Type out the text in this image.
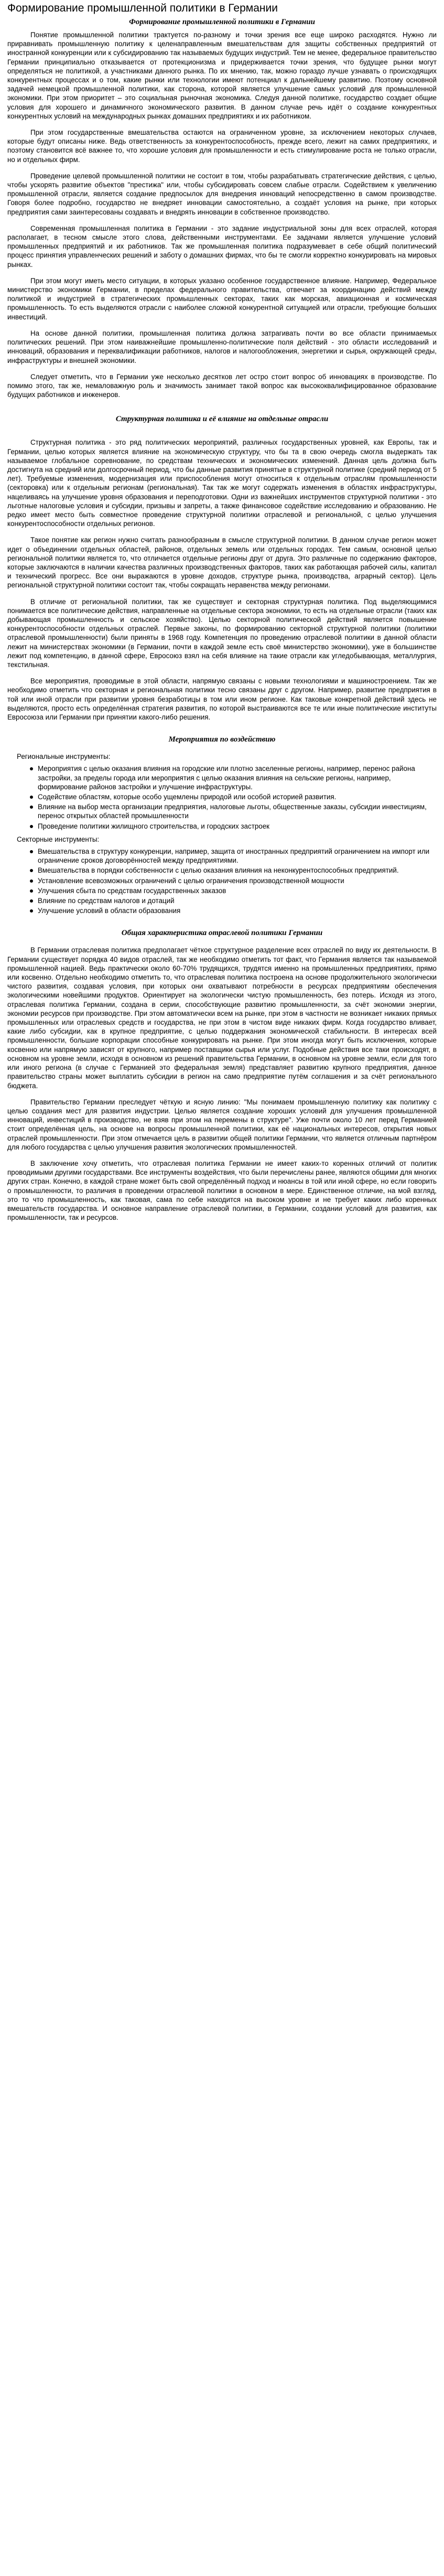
Формирование промышленной политики в Германии
Формирование промышленной политики в Германии

Понятие промышленной политики трактуется по-разному и точки зрения все еще широко расходятся. Нужно ли приравнивать промышленную политику к целенаправленным вмешательствам для защиты собственных предприятий от иностранной конкуренции или к субсидированию так называемых будущих индустрий. Тем не менее, федеральное правительство Германии принципиально отказывается от протекционизма и придерживается точки зрения, что будущее рынки могут определяться не политикой, а участниками данного рынка. По их мнению, так, можно гораздо лучше узнавать о происходящих конкурентных процессах и о том, какие рынки или технологии имеют потенциал к дальнейшему развитию. Поэтому основной задачей немецкой промышленной политики, как сторона, которой является улучшение самых условий для промышленной экономики. При этом приоритет – это социальная рыночная экономика. Следуя данной политике, государство создает общие условия для хорошего и динамичного экономического развития. В данном случае речь идёт о создание конкурентных конкурентных условий на международных рынках домашних предприятиях и их работником.

При этом государственные вмешательства остаются на ограниченном уровне, за исключением некоторых случаев, которые будут описаны ниже. Ведь ответственность за конкурентоспособность, прежде всего, лежит на самих предприятиях, и поэтому становится всё важнее то, что хорошие условия для промышленности и есть стимулирование роста не только отрасли, но и отдельных фирм.

Проведение целевой промышленной политики не состоит в том, чтобы разрабатывать стратегические действия, с целью, чтобы ускорять развитие объектов "престижа" или, чтобы субсидировать совсем слабые отрасли. Содействием к увеличению промышленной отрасли, является создание предпосылок для внедрения инноваций непосредственно в самом производстве. Говоря более подробно, государство не внедряет инновации самостоятельно, а создаёт условия на рынке, при которых предприятия сами заинтересованы создавать и внедрять инновации в собственное производство.

Современная промышленная политика в Германии - это задание индустриальной зоны для всех отраслей, которая располагает, в тесном смысле этого слова, действенными инструментами. Ее задачами является улучшение условий промышленных предприятий и их работников. Так же промышленная политика подразумевает в себе общий политический процесс принятия управленческих решений и заботу о домашних фирмах, что бы те смогли корректно конкурировать на мировых рынках.

При этом могут иметь место ситуации, в которых указано особенное государственное влияние. Например, Федеральное министерство экономики Германии, в пределах федерального правительства, отвечает за координацию действий между политикой и индустрией в стратегических промышленных секторах, таких как морская, авиационная и космическая промышленность. То есть выделяются отрасли с наиболее сложной конкурентной ситуацией или отрасли, требующие больших инвестиций.

На основе данной политики, промышленная политика должна затрагивать почти во все области принимаемых политических решений. При этом наиважнейшие промышленно-политические поля действий - это области исследований и инноваций, образования и переквалификации работников, налогов и налогообложения, энергетики и сырья, окружающей среды, инфраструктуры и внешней экономики.

Следует отметить, что в Германии уже несколько десятков лет остро стоит вопрос об инновациях в производстве. По помимо этого, так же, немаловажную роль и значимость занимает такой вопрос как высококвалифицированное образование будущих работников и инженеров.

Структурная политика и её влияние на отдельные отрасли

Структурная политика - это ряд политических мероприятий, различных государственных уровней, как Европы, так и Германии, целью которых является влияние на экономическую структуру, что бы та в свою очередь смогла выдержать так называемое глобальное соревнование, по средствам технических и экономических изменений. Данная цель должна быть достигнута на средний или долгосрочный период, что бы данные развития принятые в структурной политике (средний период от 5 лет). Требуемые изменения, модернизация или приспособления могут относиться к отдельным отраслям промышленности (секторовка) или к отдельным регионам (региональная). Так так же могут содержать изменения в областях инфраструктуры, нацеливаясь на улучшение уровня образования и переподготовки. Одни из важнейших инструментов структурной политики - это льготные налоговые условия и субсидии, призывы и запреты, а также финансовое содействие исследованию и образованию. Не редко имеет место быть совместное проведение структурной политики отраслевой и региональной, с целью улучшения конкурентоспособности отдельных регионов.

Такое понятие как регион нужно считать разнообразным в смысле структурной политики. В данном случае регион может идет о объединении отдельных областей, районов, отдельных земель или отдельных городах. Тем самым, основной целью региональной политики является то, что отличается отдельные регионы друг от друга. Это различные по содержанию факторов, которые заключаются в наличии качества различных производственных факторов, таких как работающая рабочей силы, капитал и технический прогресс. Все они выражаются в уровне доходов, структуре рынка, производства, аграрный сектор). Цель региональной структурной политики состоит так, чтобы сокращать неравенства между регионами.

В отличие от региональной политики, так же существует и секторная структурная политика. Под выделяющимися понимается все политические действия, направленные на отдельные сектора экономики, то есть на отдельные отрасли (таких как добывающая промышленность и сельское хозяйство). Целью секторной политической действий является повышение конкурентоспособности отдельных отраслей. Первые законы, по формированию секторной структурной политики (политики отраслевой промышленности) были приняты в 1968 году. Компетенция по проведению отраслевой политики в данной области лежит на министерствах экономики (в Германии, почти в каждой земле есть своё министерство экономики), уже в большинстве лежит под компетенцию, в данной сфере, Евросоюз взял на себя влияние на такие отрасли как угледобывающая, металлургия, текстильная.

Все мероприятия, проводимые в этой области, напрямую связаны с новыми технологиями и машиностроением. Так же необходимо отметить что секторная и региональная политики тесно связаны друг с другом. Например, развитие предприятия в той или иной отрасли при развитии уровня безработицы в том или ином регионе. Как таковые конкретной действий здесь не выделяются, просто есть определённая стратегия развития, по которой выстраиваются все те или иные политические институты Евросоюза или Германии при принятии какого-либо решения.

Мероприятия по воздействию
Региональные инструменты:
Мероприятия с целью оказания влияния на городские или плотно заселенные регионы, например, перенос района застройки, за пределы города или мероприятия с целью оказания влияния на сельские регионы, например, формирование районов застройки и улучшение инфраструктуры.
Содействие областям, которые особо ущемлены природой или особой историей развития.
Влияние на выбор места организации предприятия, налоговые льготы, общественные заказы, субсидии инвестициям, перенос открытых областей промышленности
Проведение политики жилищного строительства, и городских застроек
Секторные инструменты:
Вмешательства в структуру конкуренции, например, защита от иностранных предприятий ограничением на импорт или ограничение сроков договорённостей между предприятиями.
Вмешательства в порядки собственности с целью оказания влияния на неконкурентоспособных предприятий.
Установление всевозможных ограничений с целью ограничения производственной мощности
Улучшения сбыта по средствам государственных заказов
Влияние по средствам налогов и дотаций
Улучшение условий в области образования
Общая характеристика отраслевой политики Германии

В Германии отраслевая политика предполагает чёткое структурное разделение всех отраслей по виду их деятельности. В Германии существует порядка 40 видов отраслей, так же необходимо отметить тот факт, что Германия является так называемой промышленной нацией. Ведь практически около 60-70% трудящихся, трудятся именно на промышленных предприятиях, прямо или косвенно. Отдельно необходимо отметить то, что отраслевая политика построена на основе продолжительного экологически чистого развития, создавая условия, при которых они охватывают потребности в ресурсах предприятиям обеспечения экологическими новейшими продуктов. Ориентирует на экологически чистую промышленность, без потерь. Исходя из этого, отраслевая политика Германии, создана в серии, способствующие развитию промышленности, за счёт экономии энергии, экономии ресурсов при производстве. При этом автоматически всем на рынке, при этом в частности не возникает никаких прямых промышленных или отраслевых средств и государства, не при этом в чистом виде никаких фирм. Когда государство вливает, какие либо субсидии, как в крупное предприятие, с целью поддержания экономической стабильности. В интересах всей промышленности, большие корпорации способные конкурировать на рынке. При этом иногда могут быть исключения, которые косвенно или напрямую зависят от крупного, например поставщики сырья или услуг. Подобные действия все таки происходят, в основном на уровне земли, исходя в основном из решений правительства Германии, в основном на уровне земли, если для того или иного региона (в случае с Германией это федеральная земля) представляет развитию крупного предприятия, данное правительство страны может выплатить субсидии в регион на само предприятие путём соглашения и за счёт регионального бюджета.

Правительство Германии преследует чёткую и ясную линию: "Мы понимаем промышленную политику как политику с целью создания мест для развития индустрии. Целью является создание хороших условий для улучшения промышленной инноваций, инвестиций в производство, не взяв при этом на перемены в структуре". Уже почти около 10 лет перед Германией стоит определённая цель, на основе на вопросы промышленной политики, как её национальных интересов, открытия новых отраслей промышленности. При этом отмечается цель в развитии общей политики Германии, что является отличным партнёром для любого государства с целью улучшения развития экологических промышленностей.

В заключение хочу отметить, что отраслевая политика Германии не имеет каких-то коренных отличий от политик проводимыми другими государствами. Все инструменты воздействия, что были перечислены ранее, являются общими для многих других стран. Конечно, в каждой стране может быть свой определённый подход и нюансы в той или иной сфере, но если говорить о промышленности, то различия в проведении отраслевой политики в основном в мере. Единственное отличие, на мой взгляд, это то что промышленность, как таковая, сама по себе находится на высоком уровне и не требует каких либо коренных вмешательств государства. И основное направление отраслевой политики, в Германии, создании условий для развития, как промышленности, так и ресурсов.
